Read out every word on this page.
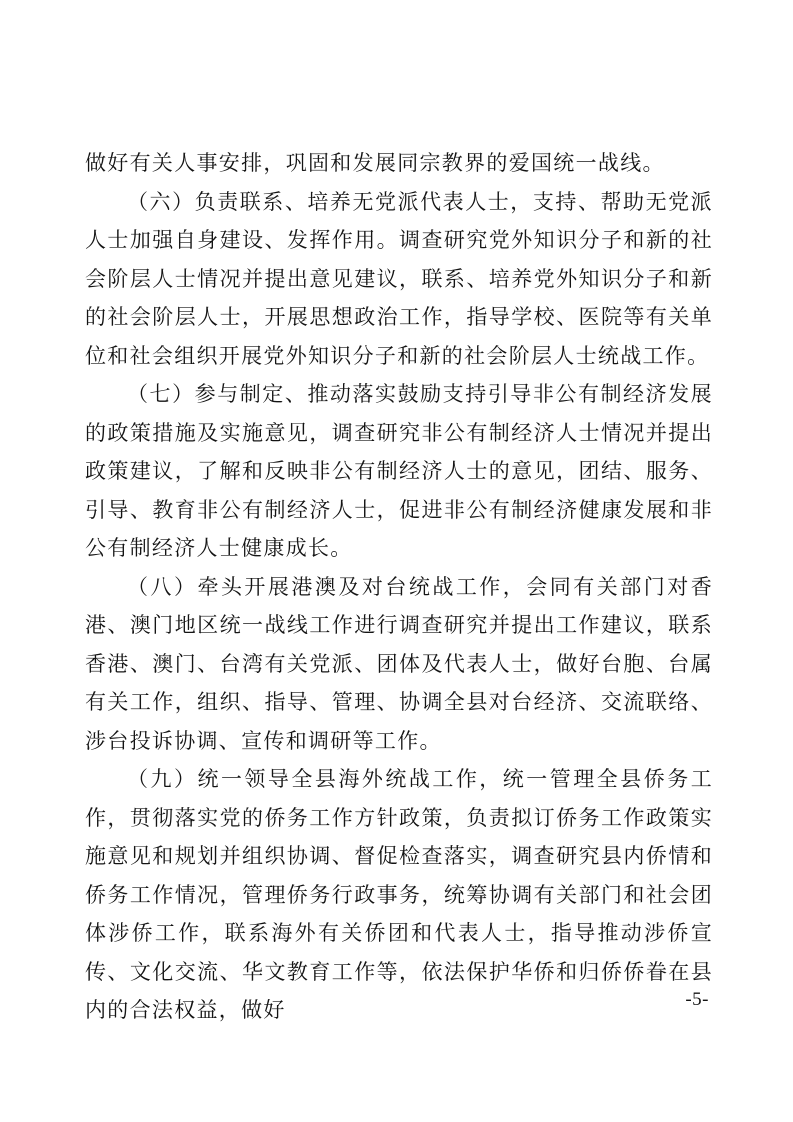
做好有关人事安排，巩固和发展同宗教界的爱国统一战线。

（六）负责联系、培养无党派代表人士，支持、帮助无党派人士加强自身建设、发挥作用。调查研究党外知识分子和新的社会阶层人士情况并提出意见建议，联系、培养党外知识分子和新的社会阶层人士，开展思想政治工作，指导学校、医院等有关单位和社会组织开展党外知识分子和新的社会阶层人士统战工作。

（七）参与制定、推动落实鼓励支持引导非公有制经济发展的政策措施及实施意见，调查研究非公有制经济人士情况并提出政策建议，了解和反映非公有制经济人士的意见，团结、服务、引导、教育非公有制经济人士，促进非公有制经济健康发展和非公有制经济人士健康成长。

（八）牵头开展港澳及对台统战工作，会同有关部门对香港、澳门地区统一战线工作进行调查研究并提出工作建议，联系香港、澳门、台湾有关党派、团体及代表人士，做好台胞、台属有关工作，组织、指导、管理、协调全县对台经济、交流联络、涉台投诉协调、宣传和调研等工作。

（九）统一领导全县海外统战工作，统一管理全县侨务工作，贯彻落实党的侨务工作方针政策，负责拟订侨务工作政策实施意见和规划并组织协调、督促检查落实，调查研究县内侨情和侨务工作情况，管理侨务行政事务，统筹协调有关部门和社会团体涉侨工作，联系海外有关侨团和代表人士，指导推动涉侨宣传、文化交流、华文教育工作等，依法保护华侨和归侨侨眷在县内的合法权益，做好	-5-
